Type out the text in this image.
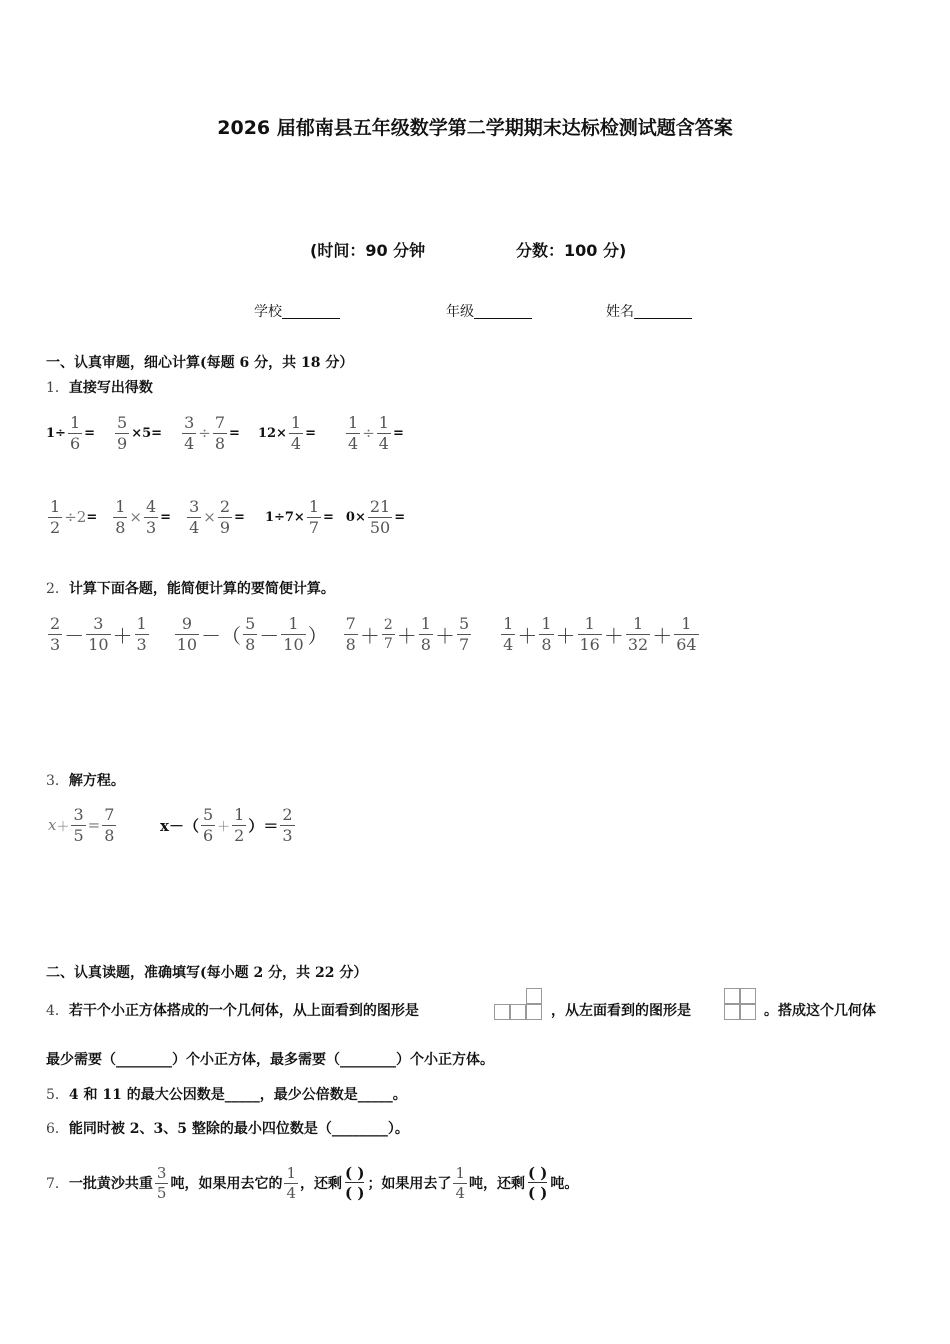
2026 届郁南县五年级数学第二学期期末达标检测试题含答案
(时间：90 分钟	分数：100 分)
学校	年级	姓名
一、认真审题，细心计算(每题 6 分，共 18 分）
1．直接写出得数
$1\div \frac{1}{6} = \frac{5}{9} \times 5= \frac{3}{4} \div \frac{7}{8} = 12\times \frac{1}{4} = \frac{1}{4} \div \frac{1}{4}$ =
$\frac{1}{2} \div 2 = \frac{1}{8} \times \frac{4}{3} = \frac{3}{4} \times \frac{2}{9} = 1\div 7\times \frac{1}{7} = 0\times \frac{21}{50}$ =
2．计算下面各题，能简便计算的要简便计算。
$\frac{2}{3} - \frac{3}{10} + \frac{1}{3} \frac{9}{10}$ － （ $\frac{5}{8} - \frac{1}{10}$ ） $\frac{7}{8} + \frac{2}{7} + \frac{1}{8} + \frac{5}{7} \frac{1}{4} + \frac{1}{8} + \frac{1}{16} + \frac{1}{32} + \frac{1}{64}$
3．解方程。
$x + \frac{3}{5} = \frac{7}{8}$	$x-( \frac{5}{6} + \frac{1}{2}$ ）＝ $\frac{2}{3}$
二、认真读题，准确填写(每小题 2 分，共 22 分）
4．若干个小正方体搭成的一个几何体，从上面看到的图形是	，从左面看到的图形是	。搭成这个几何体
最少需要（________）个小正方体，最多需要（________）个小正方体。
5．4 和 11 的最大公因数是_____，最少公倍数是_____。
6．能同时被 2、3、5 整除的最小四位数是（________）。
7． 一批黄沙共重 $\frac{3}{5}$ 吨，如果用去它的 $\frac{1}{4}$ ，还剩
( )
( ) ；如果用去了 $\frac{1}{4}$ 吨，还剩
( )
( ) 吨。
